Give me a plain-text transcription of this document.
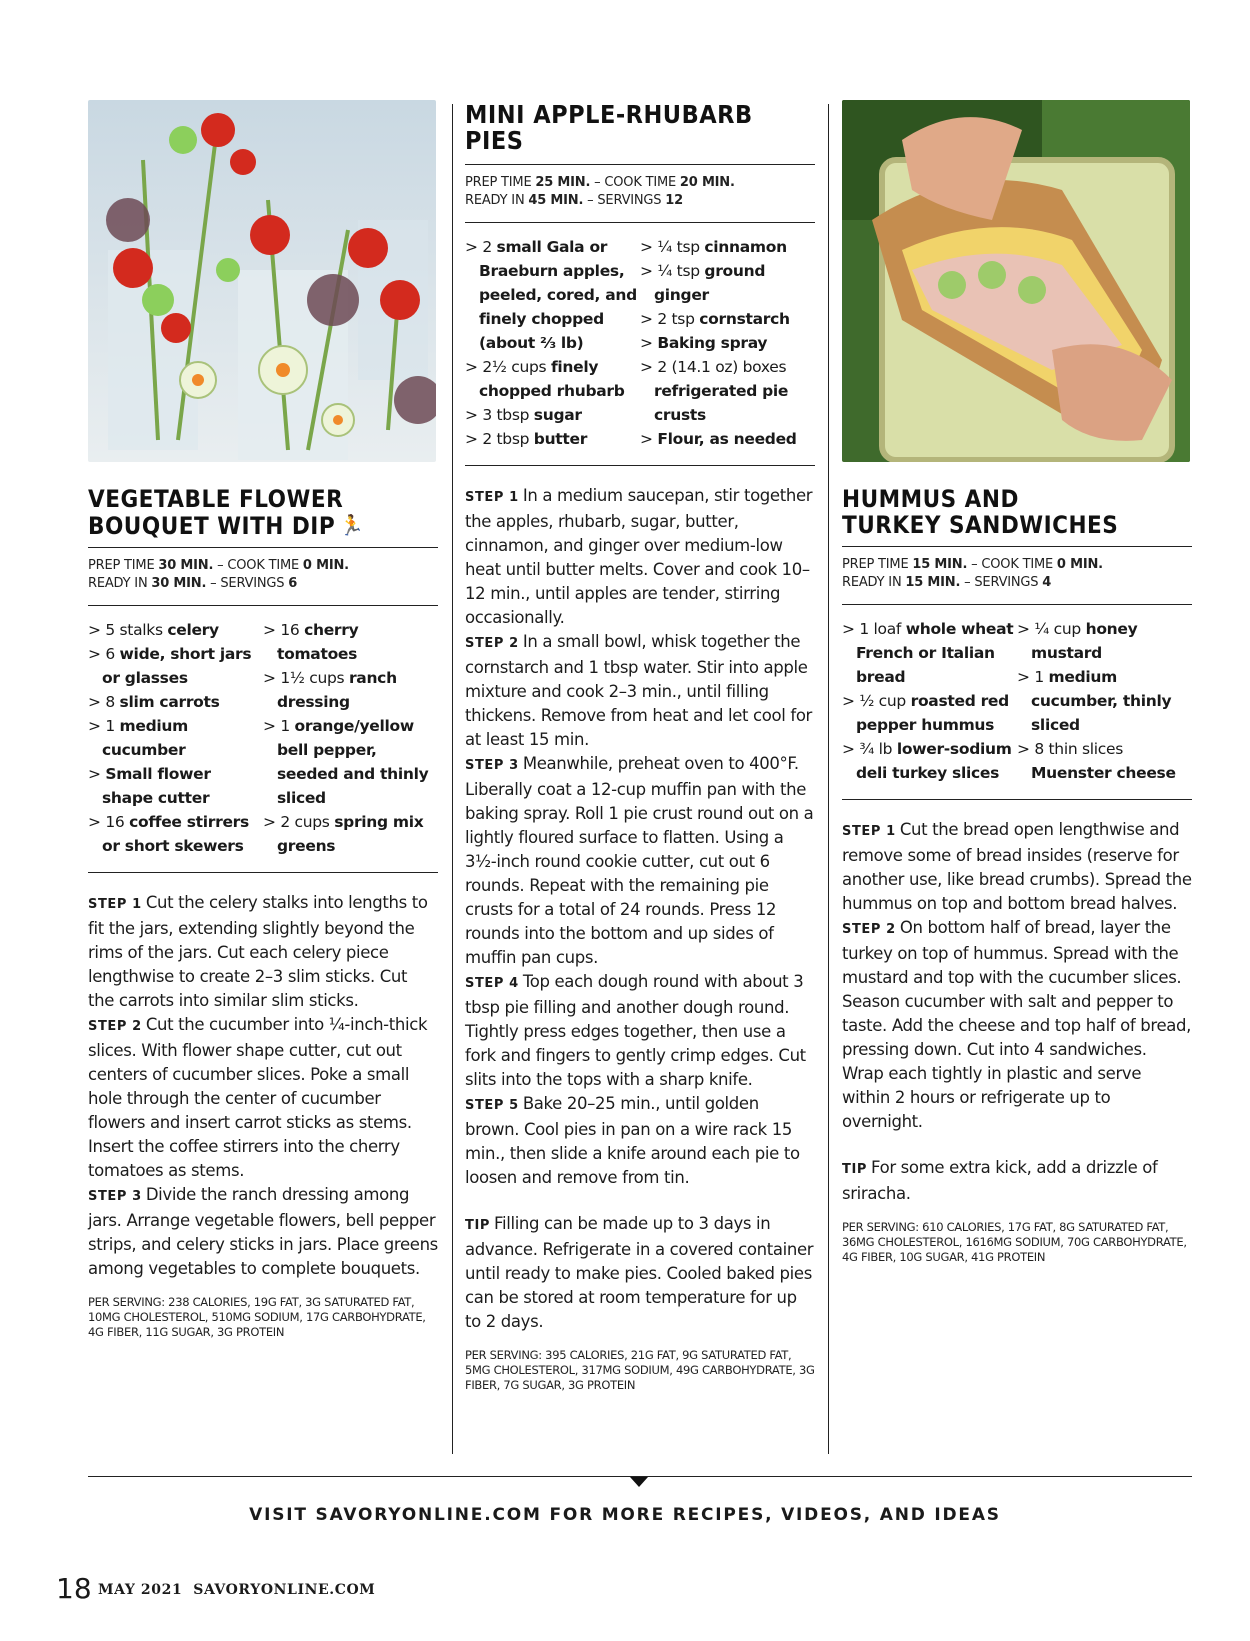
VEGETABLE FLOWER
BOUQUET WITH DIP 🏃
PREP TIME 30 MIN. – COOK TIME 0 MIN.
READY IN 30 MIN. – SERVINGS 6
> 5 stalks celery
> 6 wide, short jars or glasses
> 8 slim carrots
> 1 medium cucumber
> Small flower shape cutter
> 16 coffee stirrers or short skewers
> 16 cherry tomatoes
> 1½ cups ranch dressing
> 1 orange/yellow bell pepper, seeded and thinly sliced
> 2 cups spring mix greens
STEP 1 Cut the celery stalks into lengths to fit the jars, extending slightly beyond the rims of the jars. Cut each celery piece lengthwise to create 2–3 slim sticks. Cut the carrots into similar slim sticks.
STEP 2 Cut the cucumber into ¼-inch-thick slices. With flower shape cutter, cut out centers of cucumber slices. Poke a small hole through the center of cucumber flowers and insert carrot sticks as stems. Insert the coffee stirrers into the cherry tomatoes as stems.
STEP 3 Divide the ranch dressing among jars. Arrange vegetable flowers, bell pepper strips, and celery sticks in jars. Place greens among vegetables to complete bouquets.
PER SERVING: 238 CALORIES, 19G FAT, 3G SATURATED FAT, 10MG CHOLESTEROL, 510MG SODIUM, 17G CARBOHYDRATE, 4G FIBER, 11G SUGAR, 3G PROTEIN
MINI APPLE-RHUBARB PIES
PREP TIME 25 MIN. – COOK TIME 20 MIN.
READY IN 45 MIN. – SERVINGS 12
> 2 small Gala or Braeburn apples, peeled, cored, and finely chopped (about ⅔ lb)
> 2½ cups finely chopped rhubarb
> 3 tbsp sugar
> 2 tbsp butter
> ¼ tsp cinnamon
> ¼ tsp ground ginger
> 2 tsp cornstarch
> Baking spray
> 2 (14.1 oz) boxes refrigerated pie crusts
> Flour, as needed
STEP 1 In a medium saucepan, stir together the apples, rhubarb, sugar, butter, cinnamon, and ginger over medium-low heat until butter melts. Cover and cook 10–12 min., until apples are tender, stirring occasionally.
STEP 2 In a small bowl, whisk together the cornstarch and 1 tbsp water. Stir into apple mixture and cook 2–3 min., until filling thickens. Remove from heat and let cool for at least 15 min.
STEP 3 Meanwhile, preheat oven to 400°F. Liberally coat a 12-cup muffin pan with the baking spray. Roll 1 pie crust round out on a lightly floured surface to flatten. Using a 3½-inch round cookie cutter, cut out 6 rounds. Repeat with the remaining pie crusts for a total of 24 rounds. Press 12 rounds into the bottom and up sides of muffin pan cups.
STEP 4 Top each dough round with about 3 tbsp pie filling and another dough round. Tightly press edges together, then use a fork and fingers to gently crimp edges. Cut slits into the tops with a sharp knife.
STEP 5 Bake 20–25 min., until golden brown. Cool pies in pan on a wire rack 15 min., then slide a knife around each pie to loosen and remove from tin.
TIP Filling can be made up to 3 days in advance. Refrigerate in a covered container until ready to make pies. Cooled baked pies can be stored at room temperature for up to 2 days.
PER SERVING: 395 CALORIES, 21G FAT, 9G SATURATED FAT, 5MG CHOLESTEROL, 317MG SODIUM, 49G CARBOHYDRATE, 3G FIBER, 7G SUGAR, 3G PROTEIN
HUMMUS AND
TURKEY SANDWICHES
PREP TIME 15 MIN. – COOK TIME 0 MIN.
READY IN 15 MIN. – SERVINGS 4
> 1 loaf whole wheat French or Italian bread
> ½ cup roasted red pepper hummus
> ¾ lb lower-sodium deli turkey slices
> ¼ cup honey mustard
> 1 medium cucumber, thinly sliced
> 8 thin slices Muenster cheese
STEP 1 Cut the bread open lengthwise and remove some of bread insides (reserve for another use, like bread crumbs). Spread the hummus on top and bottom bread halves.
STEP 2 On bottom half of bread, layer the turkey on top of hummus. Spread with the mustard and top with the cucumber slices. Season cucumber with salt and pepper to taste. Add the cheese and top half of bread, pressing down. Cut into 4 sandwiches. Wrap each tightly in plastic and serve within 2 hours or refrigerate up to overnight.
TIP For some extra kick, add a drizzle of sriracha.
PER SERVING: 610 CALORIES, 17G FAT, 8G SATURATED FAT, 36MG CHOLESTEROL, 1616MG SODIUM, 70G CARBOHYDRATE, 4G FIBER, 10G SUGAR, 41G PROTEIN
VISIT SAVORYONLINE.COM FOR MORE RECIPES, VIDEOS, AND IDEAS
18 MAY 2021 SAVORYONLINE.COM
